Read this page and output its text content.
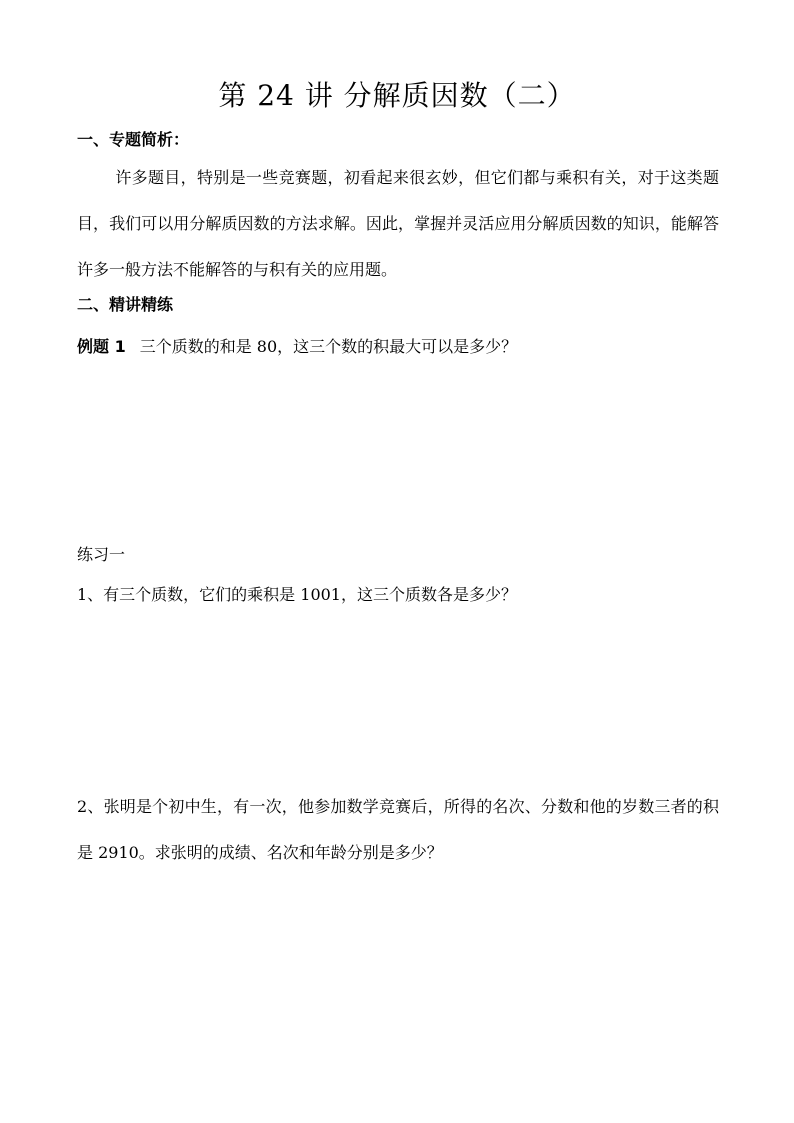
第 24 讲 分解质因数（二）
一、专题简析：
许多题目，特别是一些竞赛题，初看起来很玄妙，但它们都与乘积有关，对于这类题目，我们可以用分解质因数的方法求解。因此，掌握并灵活应用分解质因数的知识，能解答许多一般方法不能解答的与积有关的应用题。
二、精讲精练
例题 1 三个质数的和是 80，这三个数的积最大可以是多少？
练习一
1、有三个质数，它们的乘积是 1001，这三个质数各是多少？
2、张明是个初中生，有一次，他参加数学竞赛后，所得的名次、分数和他的岁数三者的积是 2910。求张明的成绩、名次和年龄分别是多少？
